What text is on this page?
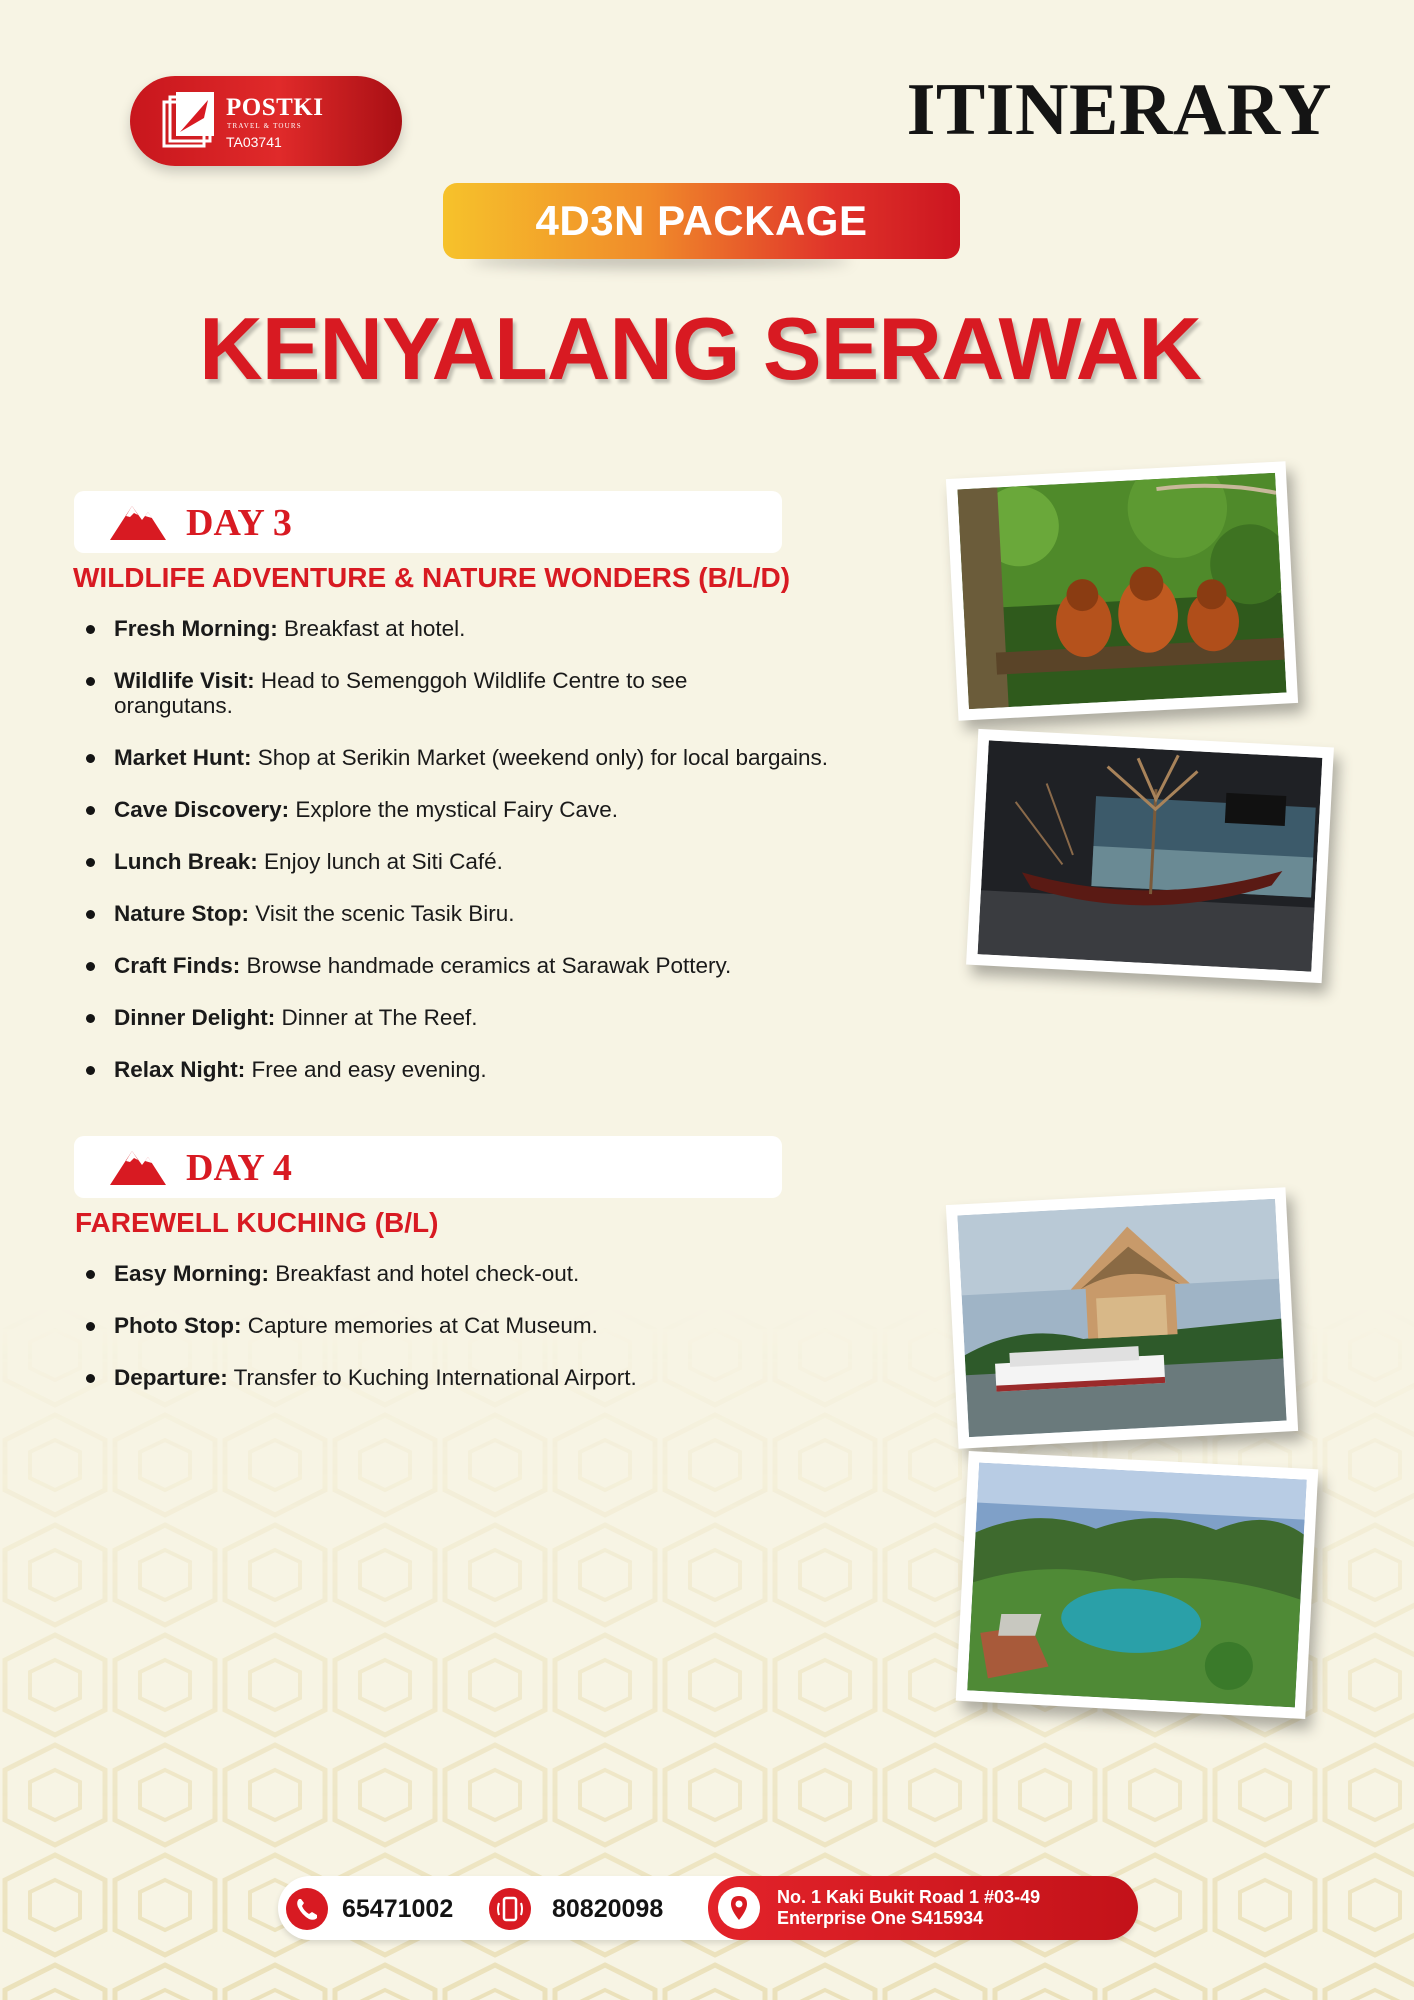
POSTKI
TRAVEL & TOURS
TA03741	ITINERARY
4D3N PACKAGE
KENYALANG SERAWAK
DAY 3
WILDLIFE ADVENTURE & NATURE WONDERS (B/L/D)
Fresh Morning: Breakfast at hotel.
Wildlife Visit: Head to Semenggoh Wildlife Centre to see orangutans.
Market Hunt: Shop at Serikin Market (weekend only) for local bargains.
Cave Discovery: Explore the mystical Fairy Cave.
Lunch Break: Enjoy lunch at Siti Café.
Nature Stop: Visit the scenic Tasik Biru.
Craft Finds: Browse handmade ceramics at Sarawak Pottery.
Dinner Delight: Dinner at The Reef.
Relax Night: Free and easy evening.
DAY 4
FAREWELL KUCHING (B/L)
Easy Morning: Breakfast and hotel check-out.
Photo Stop: Capture memories at Cat Museum.
Departure: Transfer to Kuching International Airport.
65471002	80820098	No. 1 Kaki Bukit Road 1 #03-49
Enterprise One S415934
